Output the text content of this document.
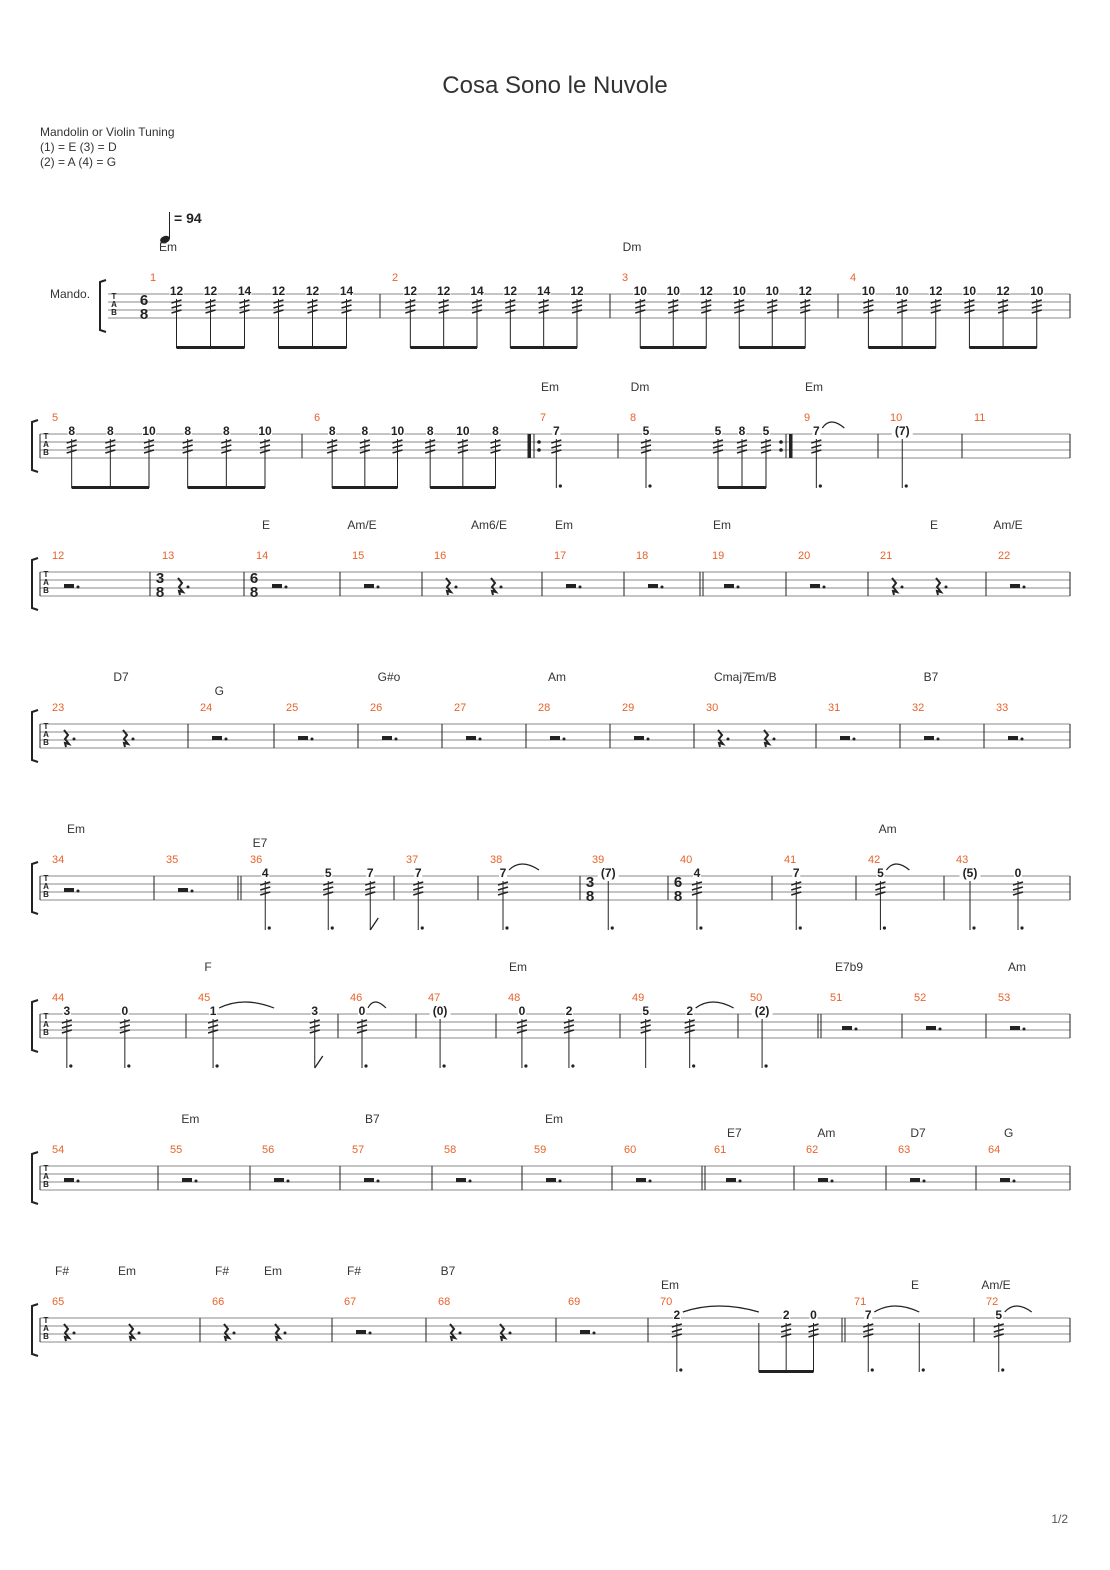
Cosa Sono le Nuvole
Mandolin or Violin Tuning
(1) = E (3) = D
(2) = A (4) = G
= 94
T
A
B
Mando.
1
6
8
12 12 14 12 12 14
2
12 12 14 12 14 12
3
10 10 12 10 10 12
4
10 10 12 10 12 10
Em	Dm
T
A
B
5
8	8 10 8	8 10
6
8 8 10 8 10 8
7
7
8
5	5 8 5
9
7
10
(7)
11
Em	Dm	Em
T
A
B
12	13
3
8
14
6
8
15	16	17	18	19	20	21	22
E	Am/E	Am6/E	Em	Em	E	Am/E
T
A
B
23	24	25	26	27	28	29	30	31	32	33
D7
G
G#o	Am	Cmaj7
Em/B	B7
T
A
B
34	35	36
4	5	7
37
7
38
7
39
3
8
(7)
40
6
8
4
41
7
42
5
43
(5)	0
Em
E7
Am
T
A
B
44
3	0
45
1	3
46
0
47
(0)
48
0	2
49
5	2
50
(2)
51	52	53
F	Em	E7b9	Am
T
A
B
54	55	56	57	58	59	60	61	62	63	64
Em	B7	Em
E7	Am	D7	G
T
A
B
65	66	67	68	69	70
2	2 0
71
7
72
5
F#	Em	F#	Em	F#	B7
Em	E	Am/E
1/2
